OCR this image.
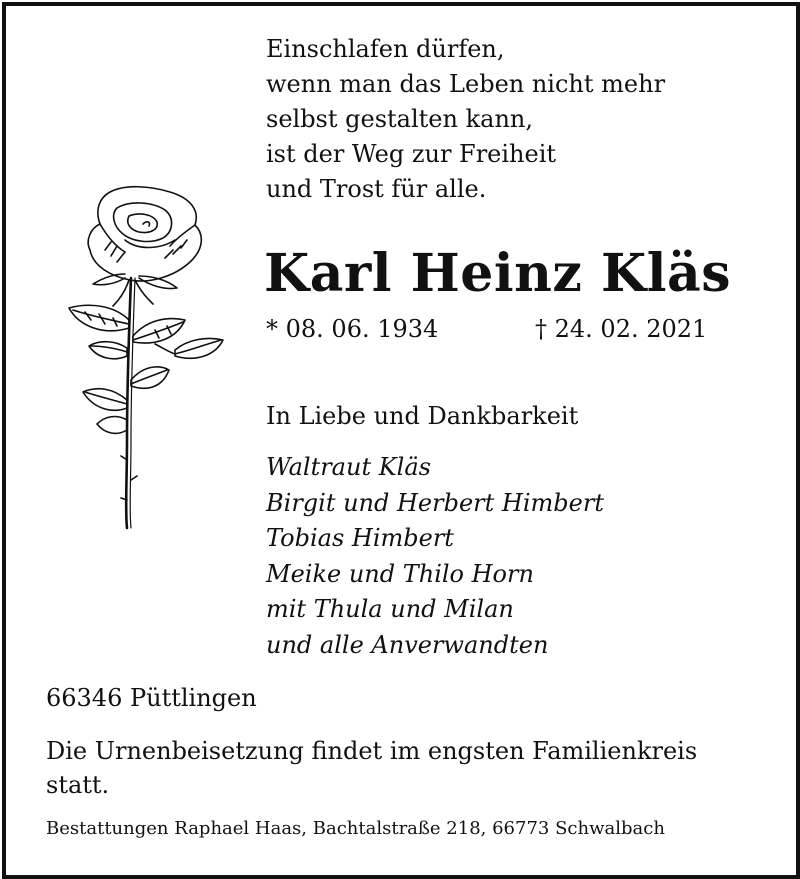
Einschlafen dürfen,
wenn man das Leben nicht mehr
selbst gestalten kann,
ist der Weg zur Freiheit
und Trost für alle.
Karl Heinz Kläs
* 08. 06. 1934	† 24. 02. 2021
In Liebe und Dankbarkeit
Waltraut Kläs
Birgit und Herbert Himbert
Tobias Himbert
Meike und Thilo Horn
mit Thula und Milan
und alle Anverwandten
66346 Püttlingen
Die Urnenbeisetzung findet im engsten Familienkreis statt.
Bestattungen Raphael Haas, Bachtalstraße 218, 66773 Schwalbach
